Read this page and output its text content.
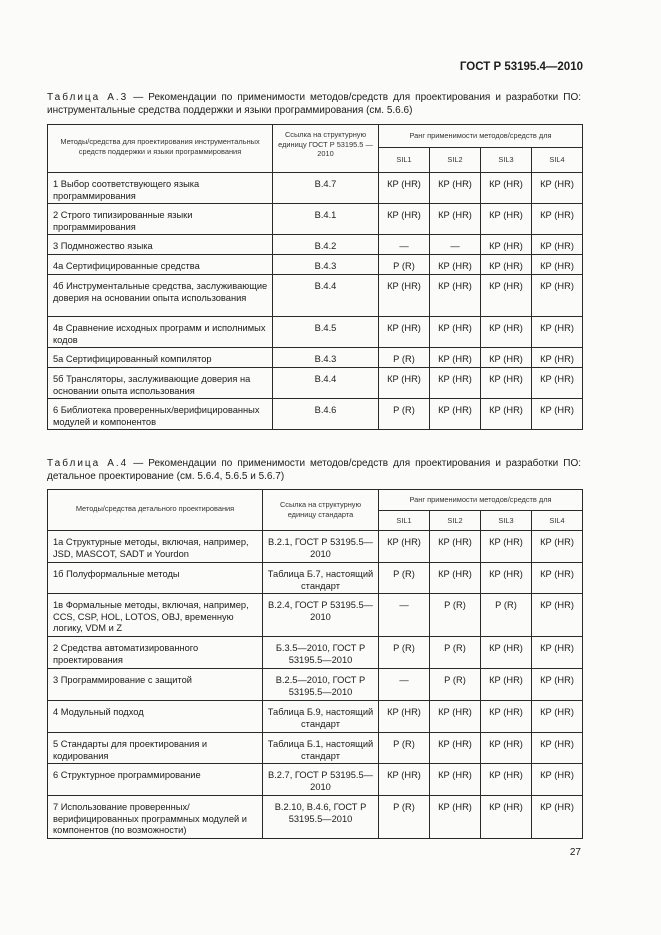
ГОСТ Р 53195.4—2010
Таблица А.3 — Рекомендации по применимости методов/средств для проектирования и разработки ПО: инструментальные средства поддержки и языки программирования (см. 5.6.6)
Методы/средства для проектирования инструментальных средств поддержки и языки программирования	Ссылка на структурную единицу ГОСТ Р 53195.5 —2010	Ранг применимости методов/средств для			
		SIL1	SIL2	SIL3	SIL4
1 Выбор соответствующего языка программирования	В.4.7	КР (HR)	КР (HR)	КР (HR)	КР (HR)
2 Строго типизированные языки программирования	В.4.1	КР (HR)	КР (HR)	КР (HR)	КР (HR)
3 Подмножество языка	В.4.2	—	—	КР (HR)	КР (HR)
4а Сертифицированные средства	В.4.3	Р (R)	КР (HR)	КР (HR)	КР (HR)
4б Инструментальные средства, заслуживающие доверия на основании опыта использования	В.4.4	КР (HR)	КР (HR)	КР (HR)	КР (HR)
4в Сравнение исходных программ и исполнимых кодов	В.4.5	КР (HR)	КР (HR)	КР (HR)	КР (HR)
5а Сертифицированный компилятор	В.4.3	Р (R)	КР (HR)	КР (HR)	КР (HR)
5б Трансляторы, заслуживающие доверия на основании опыта использования	В.4.4	КР (HR)	КР (HR)	КР (HR)	КР (HR)
6 Библиотека проверенных/верифицированных модулей и компонентов	В.4.6	Р (R)	КР (HR)	КР (HR)	КР (HR)
Таблица А.4 — Рекомендации по применимости методов/средств для проектирования и разработки ПО: детальное проектирование (см. 5.6.4, 5.6.5 и 5.6.7)
Методы/средства детального проектирования	Ссылка на структурную единицу стандарта	Ранг применимости методов/средств для			
		SIL1	SIL2	SIL3	SIL4
1а Структурные методы, включая, например, JSD, MASCOT, SADT и Yourdon	В.2.1, ГОСТ Р 53195.5—2010	КР (HR)	КР (HR)	КР (HR)	КР (HR)
1б Полуформальные методы	Таблица Б.7, настоящий стандарт	Р (R)	КР (HR)	КР (HR)	КР (HR)
1в Формальные методы, включая, например, CCS, CSP, HOL, LOTOS, OBJ, временную логику, VDM и Z	В.2.4, ГОСТ Р 53195.5—2010	—	Р (R)	Р (R)	КР (HR)
2 Средства автоматизированного проектирования	Б.3.5—2010, ГОСТ Р 53195.5—2010	Р (R)	Р (R)	КР (HR)	КР (HR)
3 Программирование с защитой	В.2.5—2010, ГОСТ Р 53195.5—2010	—	Р (R)	КР (HR)	КР (HR)
4 Модульный подход	Таблица Б.9, настоящий стандарт	КР (HR)	КР (HR)	КР (HR)	КР (HR)
5 Стандарты для проектирования и кодирования	Таблица Б.1, настоящий стандарт	Р (R)	КР (HR)	КР (HR)	КР (HR)
6 Структурное программирование	В.2.7, ГОСТ Р 53195.5—2010	КР (HR)	КР (HR)	КР (HR)	КР (HR)
7 Использование проверенных/верифицированных программных модулей и компонентов (по возможности)	В.2.10, В.4.6, ГОСТ Р 53195.5—2010	Р (R)	КР (HR)	КР (HR)	КР (HR)
27
